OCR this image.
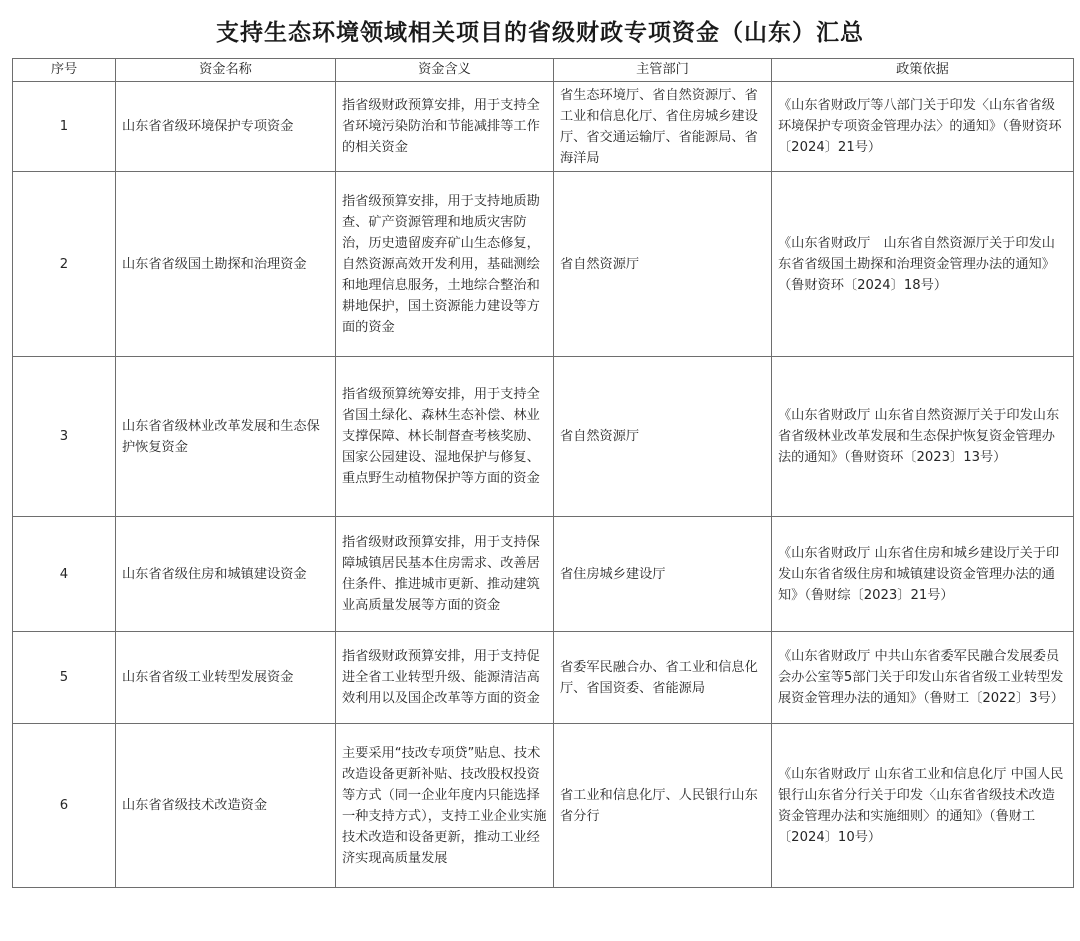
支持生态环境领域相关项目的省级财政专项资金（山东）汇总
序号	资金名称	资金含义	主管部门	政策依据
1	山东省省级环境保护专项资金	指省级财政预算安排，用于支持全省环境污染防治和节能减排等工作的相关资金	省生态环境厅、省自然资源厅、省工业和信息化厅、省住房城乡建设厅、省交通运输厅、省能源局、省海洋局	《山东省财政厅等八部门关于印发〈山东省省级环境保护专项资金管理办法〉的通知》（鲁财资环〔2024〕21号）
2	山东省省级国土勘探和治理资金	指省级预算安排，用于支持地质勘查、矿产资源管理和地质灾害防治，历史遗留废弃矿山生态修复，自然资源高效开发利用，基础测绘和地理信息服务，土地综合整治和耕地保护，国土资源能力建设等方面的资金	省自然资源厅	《山东省财政厅　山东省自然资源厅关于印发山东省省级国土勘探和治理资金管理办法的通知》（鲁财资环〔2024〕18号）
3	山东省省级林业改革发展和生态保护恢复资金	指省级预算统筹安排，用于支持全省国土绿化、森林生态补偿、林业支撑保障、林长制督查考核奖励、国家公园建设、湿地保护与修复、重点野生动植物保护等方面的资金	省自然资源厅	《山东省财政厅 山东省自然资源厅关于印发山东省省级林业改革发展和生态保护恢复资金管理办法的通知》（鲁财资环〔2023〕13号）
4	山东省省级住房和城镇建设资金	指省级财政预算安排，用于支持保障城镇居民基本住房需求、改善居住条件、推进城市更新、推动建筑业高质量发展等方面的资金	省住房城乡建设厅	《山东省财政厅 山东省住房和城乡建设厅关于印发山东省省级住房和城镇建设资金管理办法的通知》（鲁财综〔2023〕21号）
5	山东省省级工业转型发展资金	指省级财政预算安排，用于支持促进全省工业转型升级、能源清洁高效利用以及国企改革等方面的资金	省委军民融合办、省工业和信息化厅、省国资委、省能源局	《山东省财政厅 中共山东省委军民融合发展委员会办公室等5部门关于印发山东省省级工业转型发展资金管理办法的通知》（鲁财工〔2022〕3号）
6	山东省省级技术改造资金	主要采用“技改专项贷”贴息、技术改造设备更新补贴、技改股权投资等方式（同一企业年度内只能选择一种支持方式），支持工业企业实施技术改造和设备更新，推动工业经济实现高质量发展	省工业和信息化厅、人民银行山东省分行	《山东省财政厅 山东省工业和信息化厅 中国人民银行山东省分行关于印发〈山东省省级技术改造资金管理办法和实施细则〉的通知》（鲁财工〔2024〕10号）
